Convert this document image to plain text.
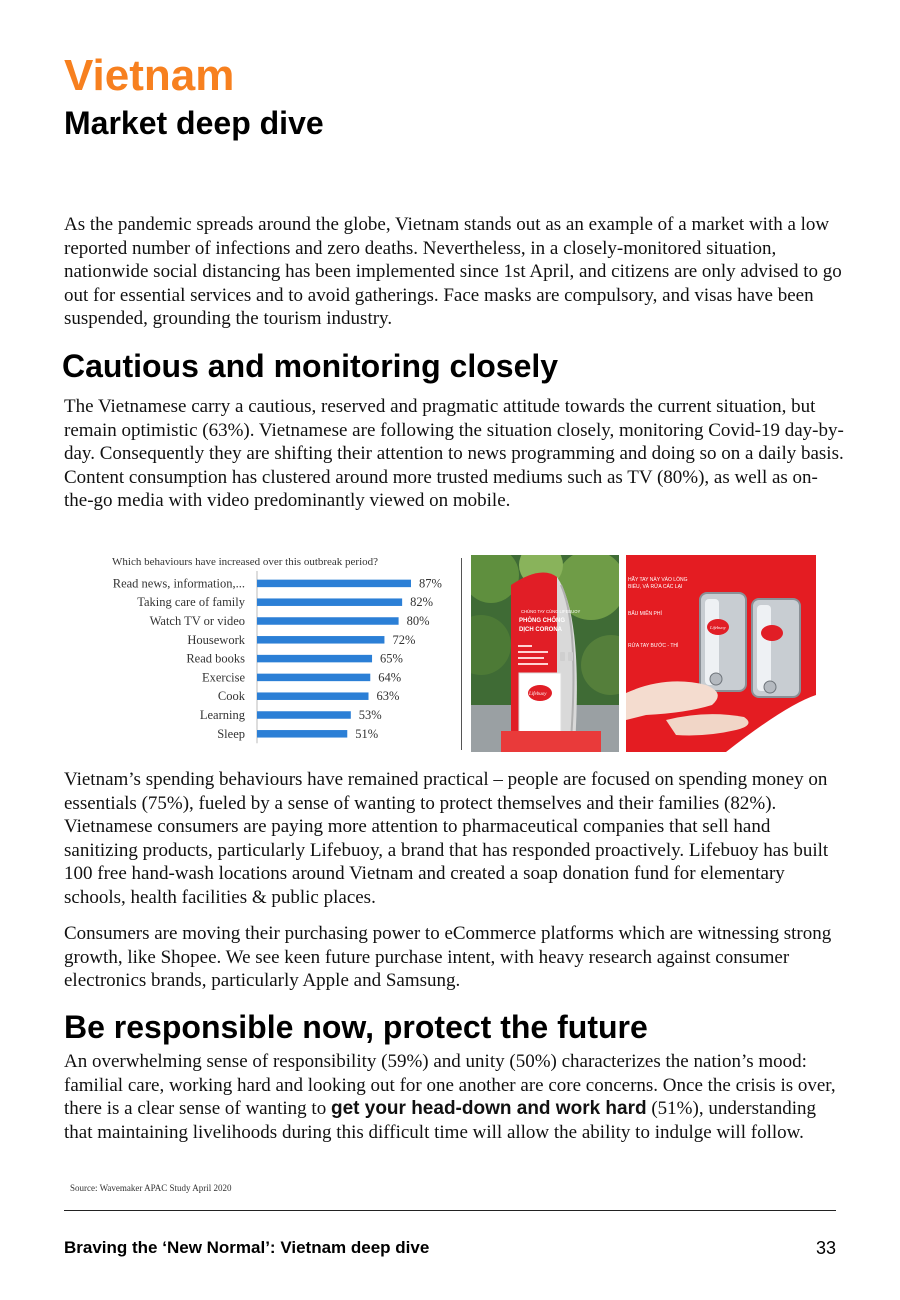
Vietnam
Market deep dive

As the pandemic spreads around the globe, Vietnam stands out as an example of a market with a low reported number of infections and zero deaths. Nevertheless, in a closely-monitored situation, nationwide social distancing has been implemented since 1st April, and citizens are only advised to go out for essential services and to avoid gatherings. Face masks are compulsory, and visas have been suspended, grounding the tourism industry.

Cautious and monitoring closely

The Vietnamese carry a cautious, reserved and pragmatic attitude towards the current situation, but remain optimistic (63%). Vietnamese are following the situation closely, monitoring Covid-19 day-by-day. Consequently they are shifting their attention to news programming and doing so on a daily basis. Content consumption has clustered around more trusted mediums such as TV (80%), as well as on-the-go media with video predominantly viewed on mobile.

Read news, information,...	87%
Taking care of family	82%
Watch TV or video	80%
Housework	72%
Read books	65%
Exercise	64%
Cook	63%
Learning	53%
Sleep	51%
Which behaviours have increased over this outbreak period?
CHÚNG TAY CÙNG LIFEBUOY
PHÒNG CHỐNG
DỊCH CORONA
Lifebuoy
HÃY TAY NÀY VÀO LÒNG
BIỂU, VÀ RỬA CÁC LẠI
BẤU MIỄN PHÍ
RỬA TAY BƯỚC - THÌ
Lifebuoy

Vietnam’s spending behaviours have remained practical – people are focused on spending money on essentials (75%), fueled by a sense of wanting to protect themselves and their families (82%). Vietnamese consumers are paying more attention to pharmaceutical companies that sell hand sanitizing products, particularly Lifebuoy, a brand that has responded proactively. Lifebuoy has built 100 free hand-wash locations around Vietnam and created a soap donation fund for elementary schools, health facilities & public places.

Consumers are moving their purchasing power to eCommerce platforms which are witnessing strong growth, like Shopee. We see keen future purchase intent, with heavy research against consumer electronics brands, particularly Apple and Samsung.

Be responsible now, protect the future

An overwhelming sense of responsibility (59%) and unity (50%) characterizes the nation’s mood: familial care, working hard and looking out for one another are core concerns. Once the crisis is over, there is a clear sense of wanting to get your head-down and work hard (51%), understanding that maintaining livelihoods during this difficult time will allow the ability to indulge will follow.

Source: Wavemaker APAC Study April 2020
Braving the ‘New Normal’: Vietnam deep dive	33
